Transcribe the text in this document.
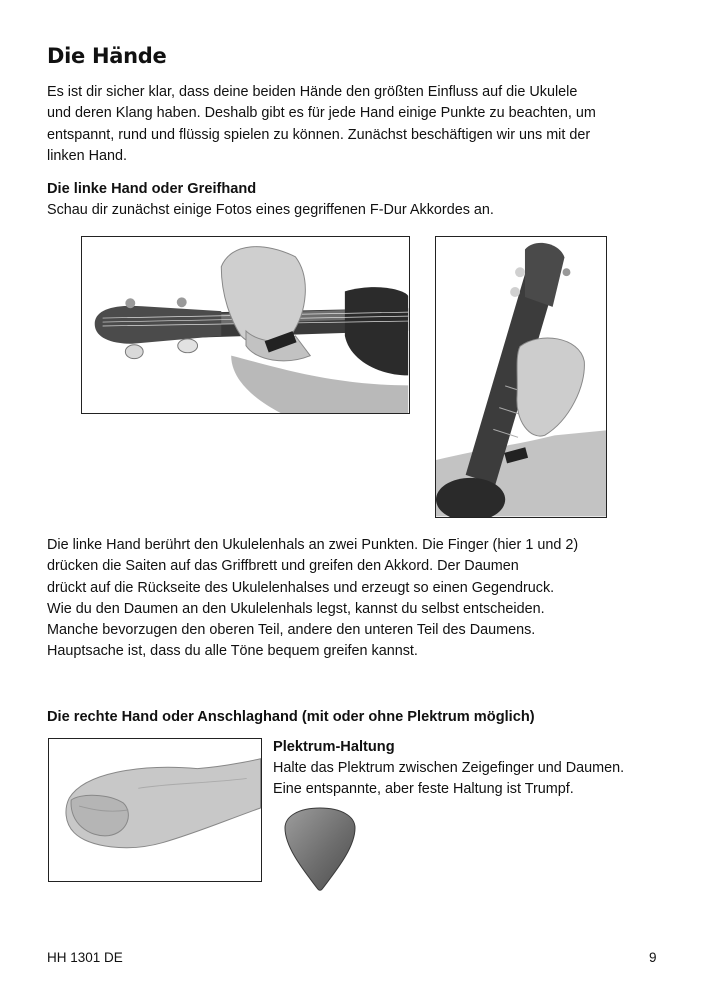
Die Hände
Es ist dir sicher klar, dass deine beiden Hände den größten Einfluss auf die Ukulele
und deren Klang haben. Deshalb gibt es für jede Hand einige Punkte zu beachten, um
entspannt, rund und flüssig spielen zu können. Zunächst beschäftigen wir uns mit der
linken Hand.
Die linke Hand oder Greifhand
Schau dir zunächst einige Fotos eines gegriffenen F-Dur Akkordes an.
Die linke Hand berührt den Ukulelenhals an zwei Punkten. Die Finger (hier 1 und 2)
drücken die Saiten auf das Griffbrett und greifen den Akkord. Der Daumen
drückt auf die Rückseite des Ukulelenhalses und erzeugt so einen Gegendruck.
Wie du den Daumen an den Ukulelenhals legst, kannst du selbst entscheiden.
Manche bevorzugen den oberen Teil, andere den unteren Teil des Daumens.
Hauptsache ist, dass du alle Töne bequem greifen kannst.
Die rechte Hand oder Anschlaghand (mit oder ohne Plektrum möglich)
Plektrum-Haltung
Halte das Plektrum zwischen Zeigefinger und Daumen.
Eine entspannte, aber feste Haltung ist Trumpf.
HH 1301 DE	9
